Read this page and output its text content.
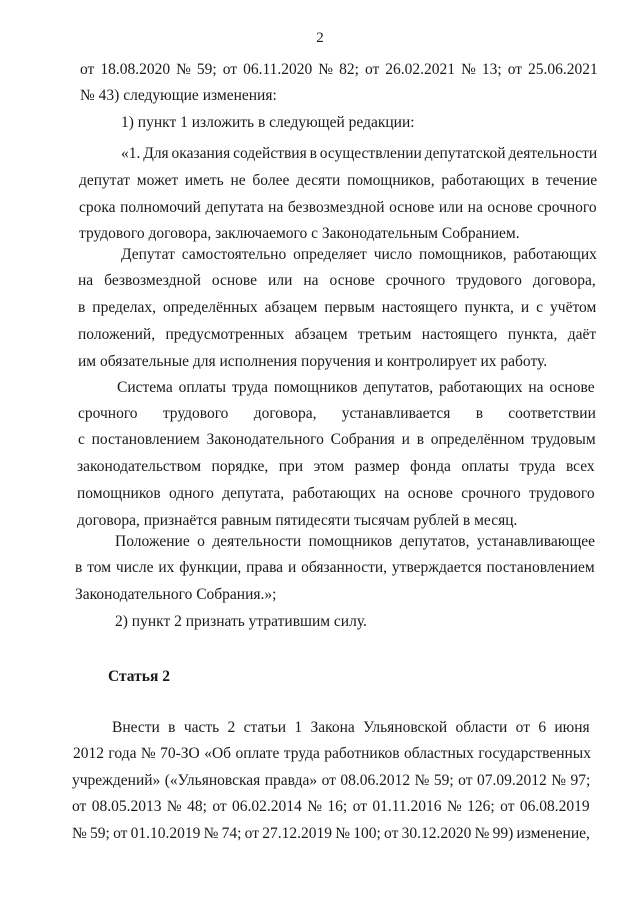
2
от 18.08.2020 № 59; от 06.11.2020 № 82; от 26.02.2021 № 13; от 25.06.2021
№ 43) следующие изменения:
1) пункт 1 изложить в следующей редакции:
«1. Для оказания содействия в осуществлении депутатской деятельности
депутат может иметь не более десяти помощников, работающих в течение
срока полномочий депутата на безвозмездной основе или на основе срочного
трудового договора, заключаемого с Законодательным Собранием.
Депутат самостоятельно определяет число помощников, работающих
на безвозмездной основе или на основе срочного трудового договора,
в пределах, определённых абзацем первым настоящего пункта, и с учётом
положений, предусмотренных абзацем третьим настоящего пункта, даёт
им обязательные для исполнения поручения и контролирует их работу.
Система оплаты труда помощников депутатов, работающих на основе
срочного трудового договора, устанавливается в соответствии
с постановлением Законодательного Собрания и в определённом трудовым
законодательством порядке, при этом размер фонда оплаты труда всех
помощников одного депутата, работающих на основе срочного трудового
договора, признаётся равным пятидесяти тысячам рублей в месяц.
Положение о деятельности помощников депутатов, устанавливающее
в том числе их функции, права и обязанности, утверждается постановлением
Законодательного Собрания.»;
2) пункт 2 признать утратившим силу.
Статья 2
Внести в часть 2 статьи 1 Закона Ульяновской области от 6 июня
2012 года № 70-ЗО «Об оплате труда работников областных государственных
учреждений» («Ульяновская правда» от 08.06.2012 № 59; от 07.09.2012 № 97;
от 08.05.2013 № 48; от 06.02.2014 № 16; от 01.11.2016 № 126; от 06.08.2019
№ 59; от 01.10.2019 № 74; от 27.12.2019 № 100; от 30.12.2020 № 99) изменение,
